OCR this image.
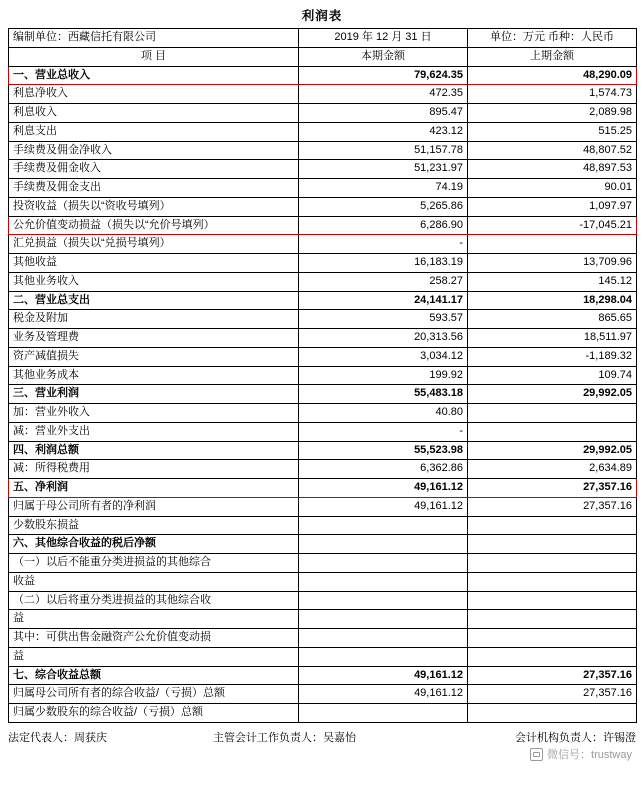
利润表
编制单位：西藏信托有限公司	2019 年 12 月 31 日	单位：万元 币种：人民币
项 目	本期金额	上期金额
一、营业总收入	79,624.35	48,290.09
利息净收入	472.35	1,574.73
利息收入	895.47	2,089.98
利息支出	423.12	515.25
手续费及佣金净收入	51,157.78	48,807.52
手续费及佣金收入	51,231.97	48,897.53
手续费及佣金支出	74.19	90.01
投资收益（损失以“资收号填列）	5,265.86	1,097.97
公允价值变动损益（损失以“允价号填列）	6,286.90	-17,045.21
汇兑损益（损失以“兑损号填列）	-	
其他收益	16,183.19	13,709.96
其他业务收入	258.27	145.12
二、营业总支出	24,141.17	18,298.04
税金及附加	593.57	865.65
业务及管理费	20,313.56	18,511.97
资产减值损失	3,034.12	-1,189.32
其他业务成本	199.92	109.74
三、营业利润	55,483.18	29,992.05
加：营业外收入	40.80	
减：营业外支出	-	
四、利润总额	55,523.98	29,992.05
减：所得税费用	6,362.86	2,634.89
五、净利润	49,161.12	27,357.16
归属于母公司所有者的净利润	49,161.12	27,357.16
少数股东损益		
六、其他综合收益的税后净额		
（一）以后不能重分类进损益的其他综合		
收益		
（二）以后将重分类进损益的其他综合收		
益		
其中：可供出售金融资产公允价值变动损		
益		
七、综合收益总额	49,161.12	27,357.16
归属母公司所有者的综合收益/（亏损）总额	49,161.12	27,357.16
归属少数股东的综合收益/（亏损）总额		
法定代表人：周获庆	主管会计工作负责人：吴嘉怡	会计机构负责人：许锡澄
微信号：trustway
